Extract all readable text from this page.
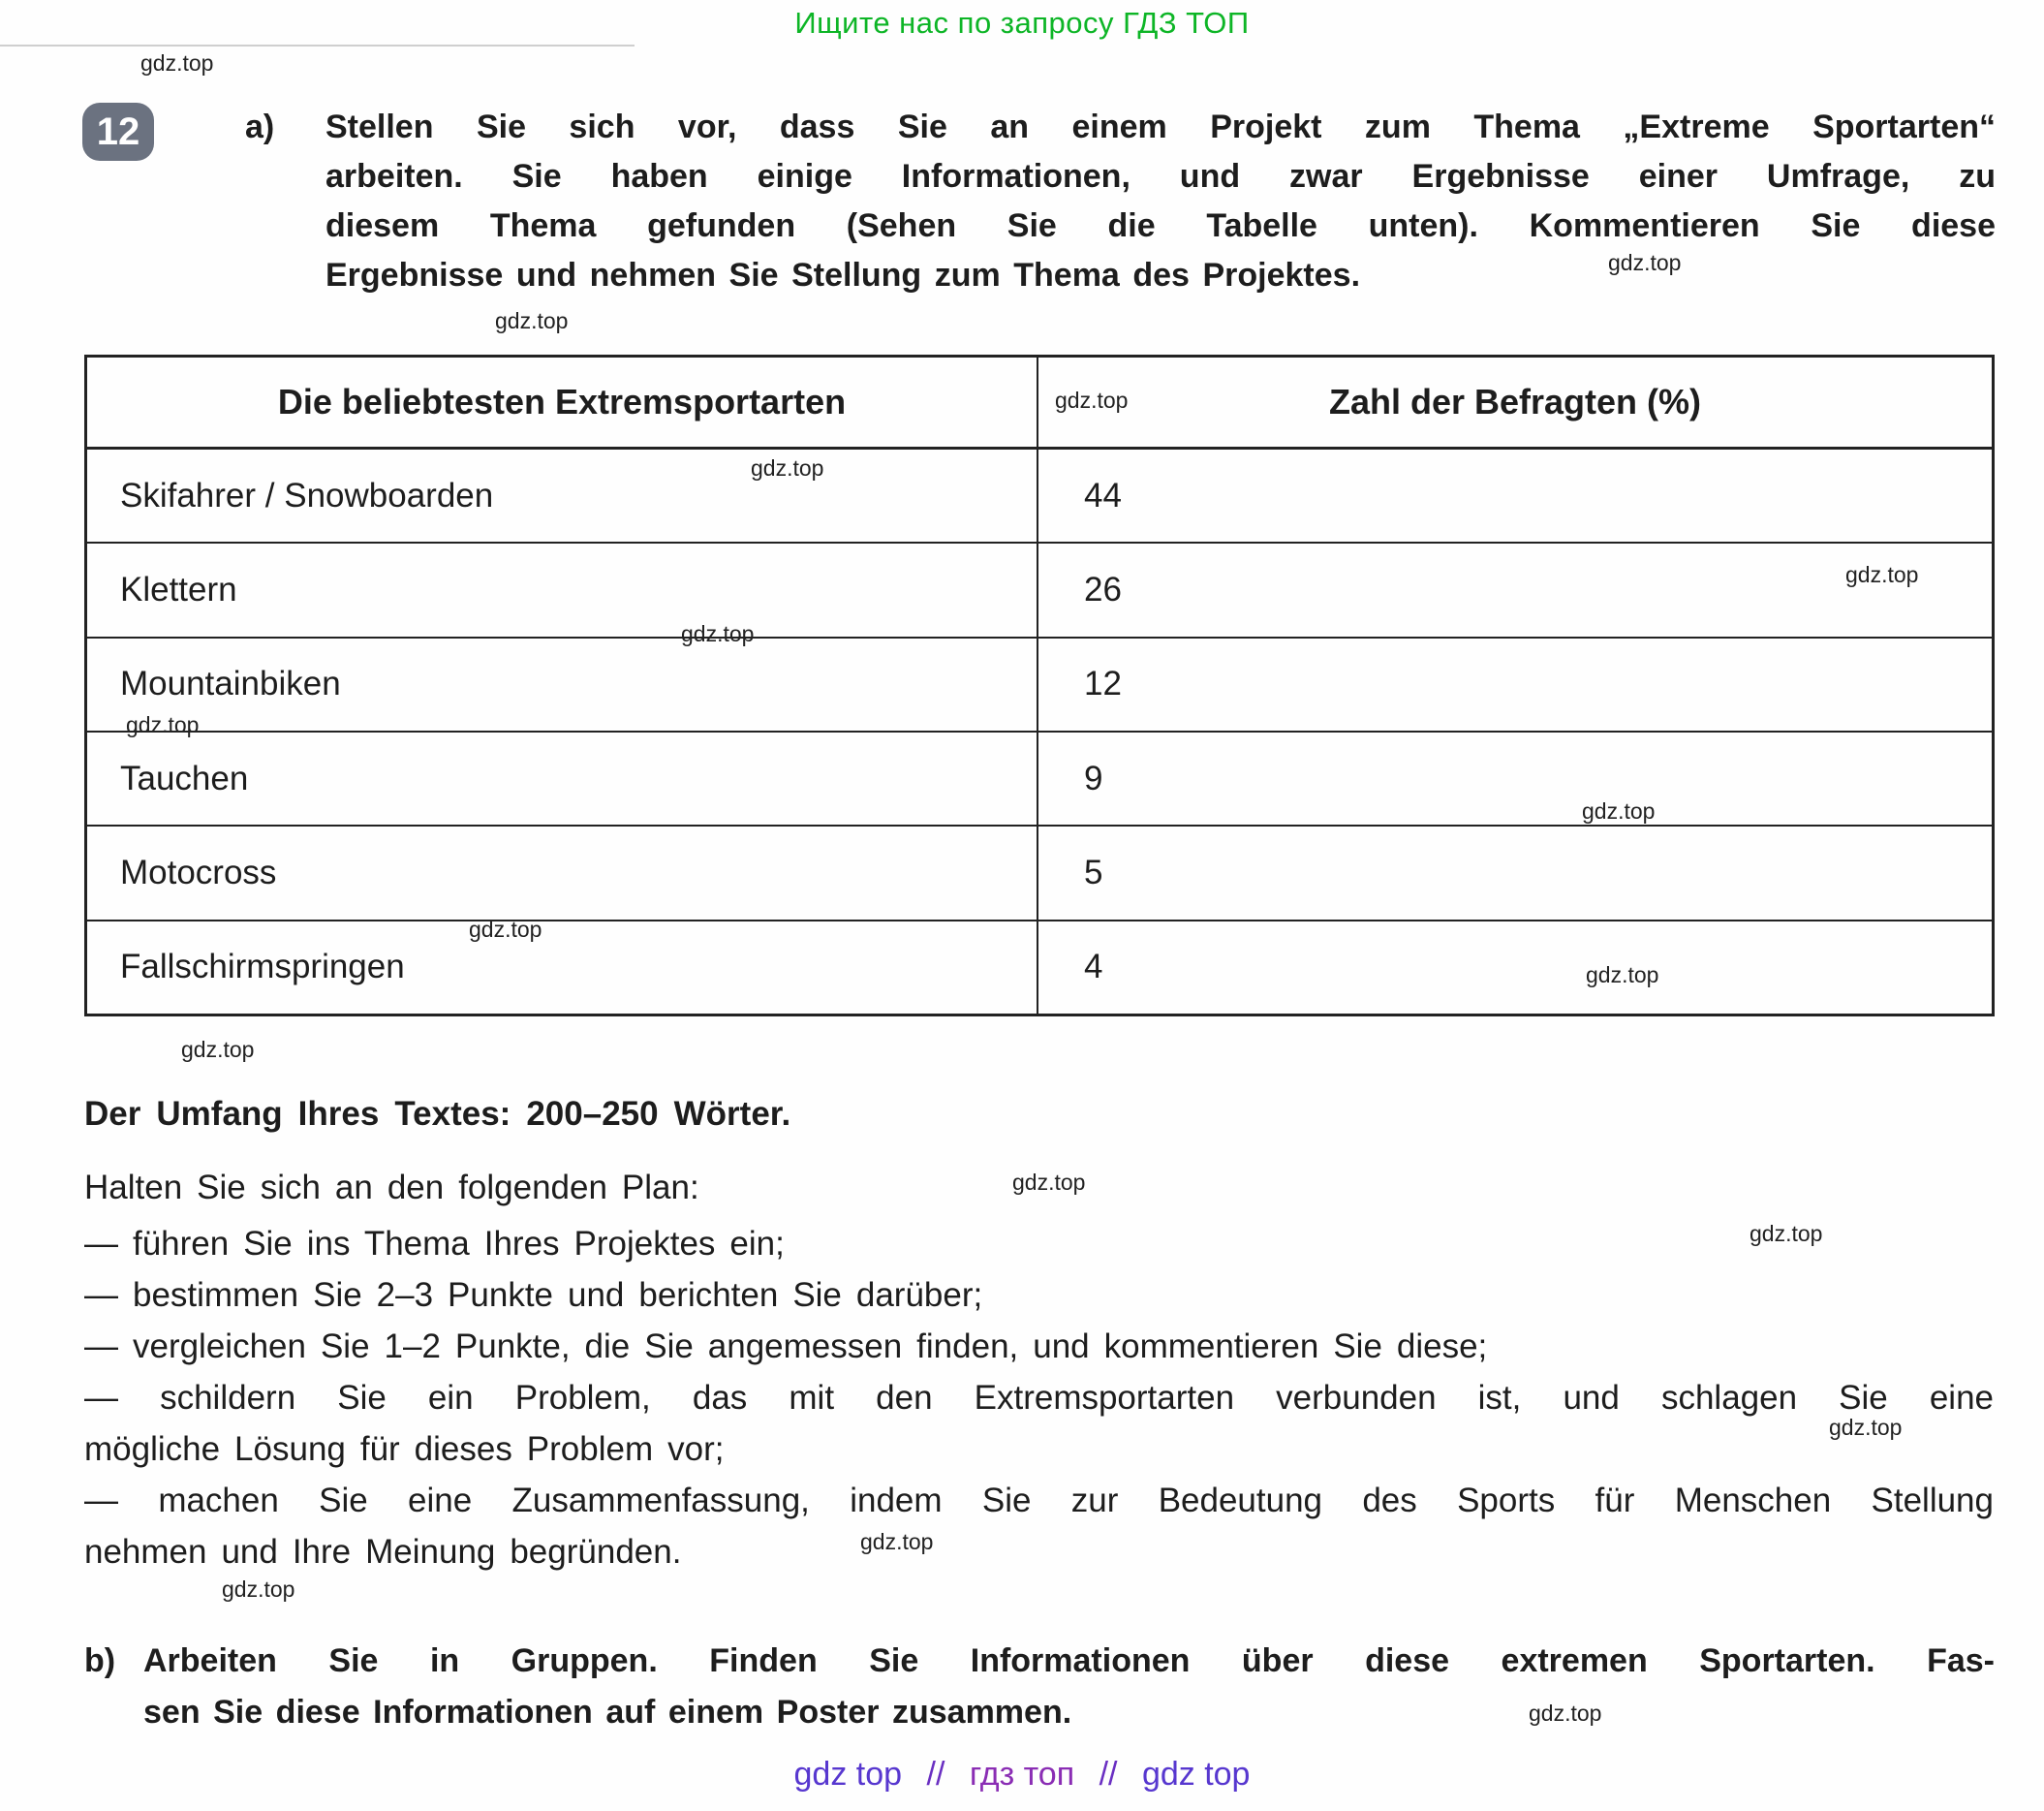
Ищите нас по запросу ГДЗ ТОП
gdz.top
gdz.top
gdz.top
gdz.top
gdz.top
gdz.top
gdz.top
gdz.top
gdz.top
gdz.top
gdz.top
gdz.top
gdz.top
gdz.top
gdz.top
gdz.top
gdz.top
gdz.top
12	a) Stellen Sie sich vor, dass Sie an einem Projekt zum Thema „Extreme Sportarten“
arbeiten. Sie haben einige Informationen, und zwar Ergebnisse einer Umfrage, zu
diesem Thema gefunden (Sehen Sie die Tabelle unten). Kommentieren Sie diese
Ergebnisse und nehmen Sie Stellung zum Thema des Projektes.
Die beliebtesten Extremsportarten	Zahl der Befragten (%)
Skifahrer / Snowboarden	44
Klettern	26
Mountainbiken	12
Tauchen	9
Motocross	5
Fallschirmspringen	4
Der Umfang Ihres Textes: 200–250 Wörter.
Halten Sie sich an den folgenden Plan:
— führen Sie ins Thema Ihres Projektes ein;
— bestimmen Sie 2–3 Punkte und berichten Sie darüber;
— vergleichen Sie 1–2 Punkte, die Sie angemessen finden, und kommentieren Sie diese;
— schildern Sie ein Problem, das mit den Extremsportarten verbunden ist, und schlagen Sie eine
mögliche Lösung für dieses Problem vor;
— machen Sie eine Zusammenfassung, indem Sie zur Bedeutung des Sports für Menschen Stellung
nehmen und Ihre Meinung begründen.
b) Arbeiten Sie in Gruppen. Finden Sie Informationen über diese extremen Sportarten. Fas-
sen Sie diese Informationen auf einem Poster zusammen.
gdz top // гдз топ // gdz top
